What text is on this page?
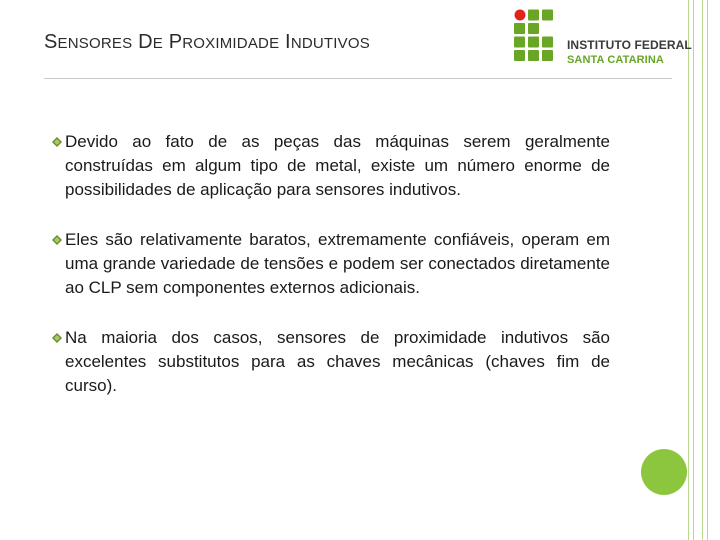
SENSORES DE PROXIMIDADE INDUTIVOS	INSTITUTO FEDERAL
SANTA CATARINA
Devido ao fato de as peças das máquinas serem geralmente construídas em algum tipo de metal, existe um número enorme de possibilidades de aplicação para sensores indutivos.
Eles são relativamente baratos, extremamente confiáveis, operam em uma grande variedade de tensões e podem ser conectados diretamente ao CLP sem componentes externos adicionais.
Na maioria dos casos, sensores de proximidade indutivos são excelentes substitutos para as chaves mecânicas (chaves fim de curso).
